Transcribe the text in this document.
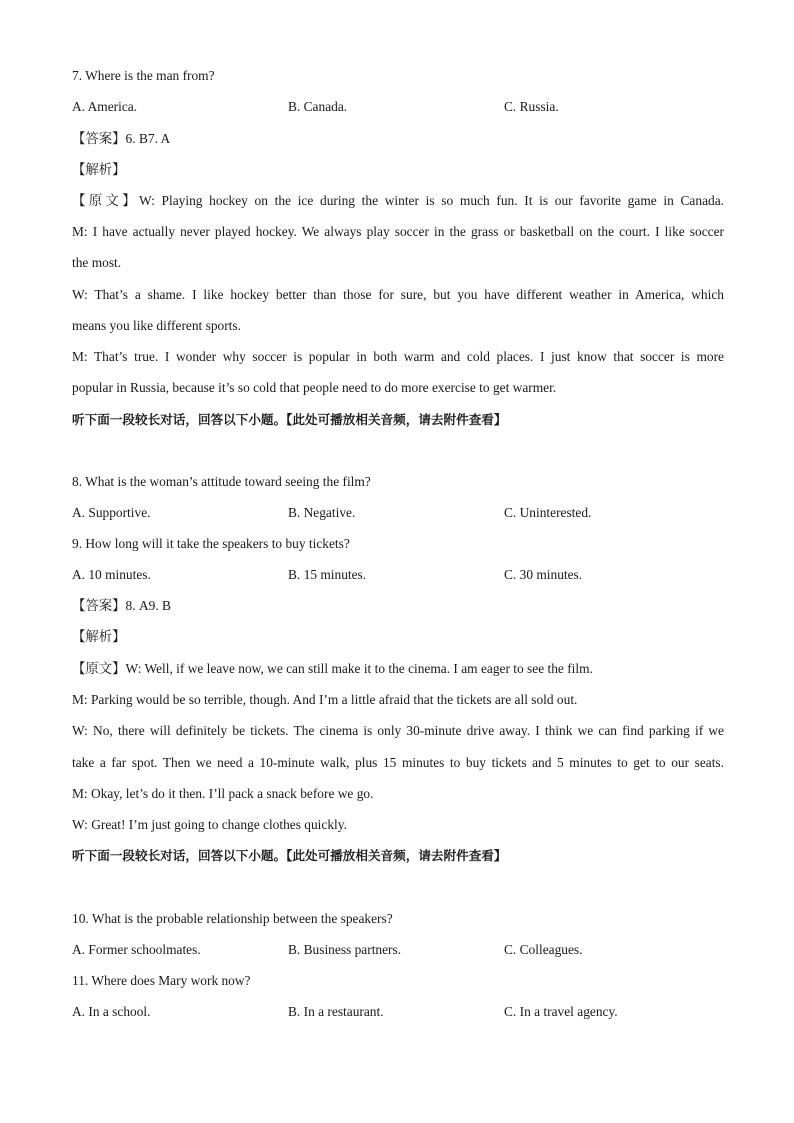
7. Where is the man from?
A. America.	B. Canada.	C. Russia.
【答案】6. B7. A
【解析】
【原文】W: Playing hockey on the ice during the winter is so much fun. It is our favorite game in Canada.
M: I have actually never played hockey. We always play soccer in the grass or basketball on the court. I like soccer
the most.
W: That’s a shame. I like hockey better than those for sure, but you have different weather in America, which
means you like different sports.
M: That’s true. I wonder why soccer is popular in both warm and cold places. I just know that soccer is more
popular in Russia, because it’s so cold that people need to do more exercise to get warmer.
听下面一段较长对话，回答以下小题。【此处可播放相关音频，请去附件查看】
8. What is the woman’s attitude toward seeing the film?
A. Supportive.	B. Negative.	C. Uninterested.
9. How long will it take the speakers to buy tickets?
A. 10 minutes.	B. 15 minutes.	C. 30 minutes.
【答案】8. A9. B
【解析】
【原文】W: Well, if we leave now, we can still make it to the cinema. I am eager to see the film.
M: Parking would be so terrible, though. And I’m a little afraid that the tickets are all sold out.
W: No, there will definitely be tickets. The cinema is only 30-minute drive away. I think we can find parking if we
take a far spot. Then we need a 10-minute walk, plus 15 minutes to buy tickets and 5 minutes to get to our seats.
M: Okay, let’s do it then. I’ll pack a snack before we go.
W: Great! I’m just going to change clothes quickly.
听下面一段较长对话，回答以下小题。【此处可播放相关音频，请去附件查看】
10. What is the probable relationship between the speakers?
A. Former schoolmates.	B. Business partners.	C. Colleagues.
11. Where does Mary work now?
A. In a school.	B. In a restaurant.	C. In a travel agency.
